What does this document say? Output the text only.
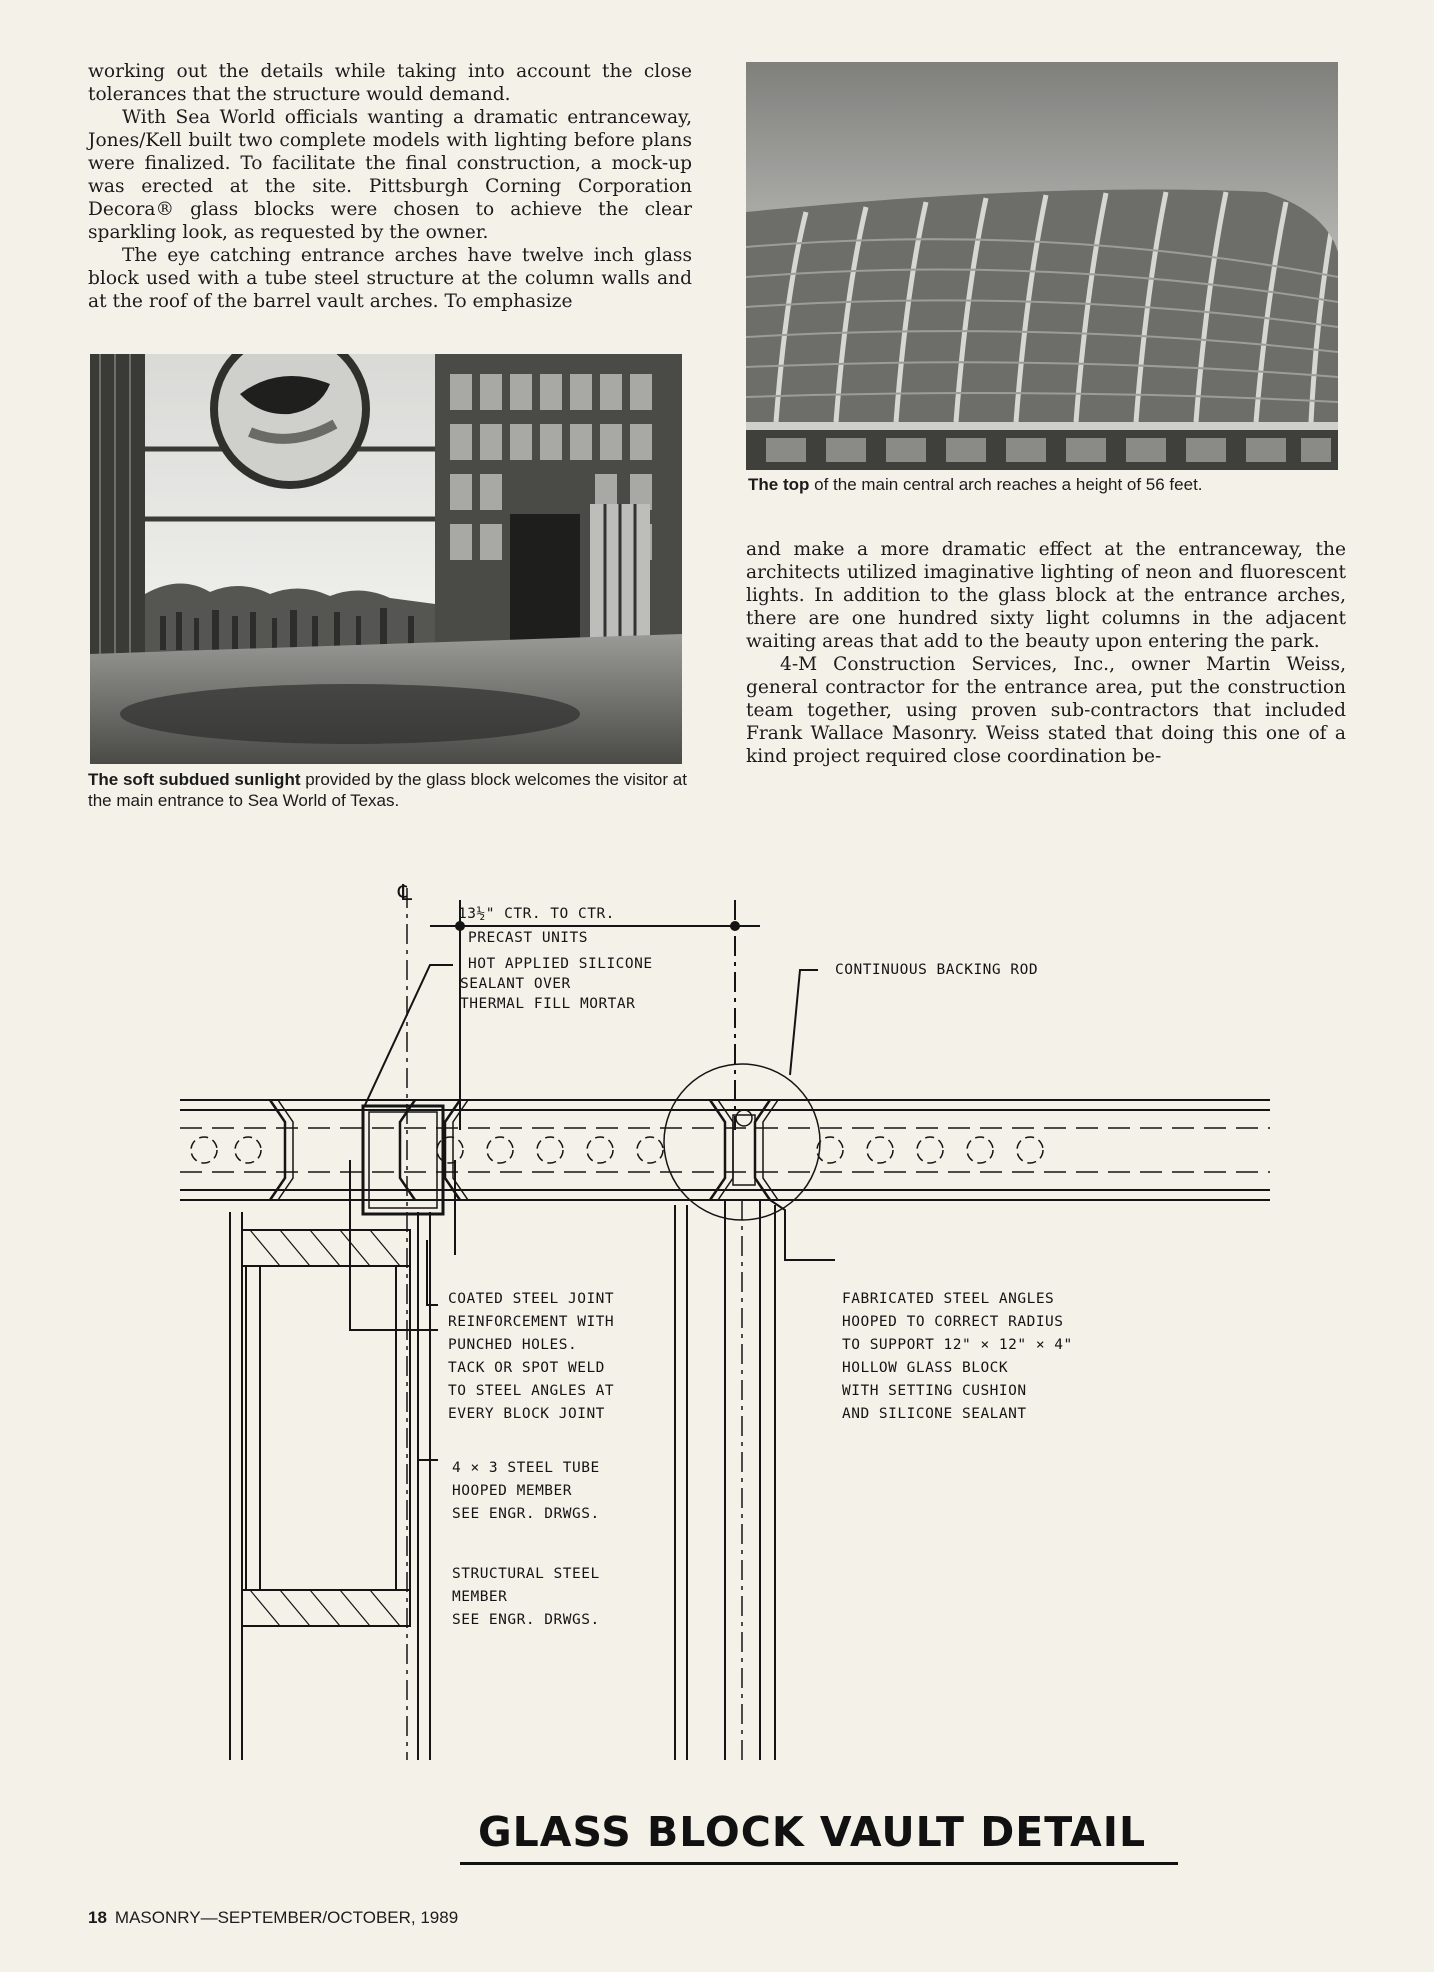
working out the details while taking into account the close tolerances that the structure would demand.

With Sea World officials wanting a dramatic entranceway, Jones/Kell built two complete models with lighting before plans were finalized. To facilitate the final construction, a mock-up was erected at the site. Pittsburgh Corning Corporation Decora® glass blocks were chosen to achieve the clear sparkling look, as requested by the owner.

The eye catching entrance arches have twelve inch glass block used with a tube steel structure at the column walls and at the roof of the barrel vault arches. To emphasize

The soft subdued sunlight provided by the glass block welcomes the visitor at the main entrance to Sea World of Texas.
The top of the main central arch reaches a height of 56 feet.

and make a more dramatic effect at the entranceway, the architects utilized imaginative lighting of neon and fluorescent lights. In addition to the glass block at the entrance arches, there are one hundred sixty light columns in the adjacent waiting areas that add to the beauty upon entering the park.

4-M Construction Services, Inc., owner Martin Weiss, general contractor for the entrance area, put the construction team together, using proven sub-contractors that included Frank Wallace Masonry. Weiss stated that doing this one of a kind project required close coordination be-

13½" CTR. TO CTR.
PRECAST UNITS
HOT APPLIED SILICONE
SEALANT OVER
THERMAL FILL MORTAR
CONTINUOUS BACKING ROD
COATED STEEL JOINT
REINFORCEMENT WITH
PUNCHED HOLES.
TACK OR SPOT WELD
TO STEEL ANGLES AT
EVERY BLOCK JOINT
4 × 3 STEEL TUBE
HOOPED MEMBER
SEE ENGR. DRWGS.
STRUCTURAL STEEL
MEMBER
SEE ENGR. DRWGS.
FABRICATED STEEL ANGLES
HOOPED TO CORRECT RADIUS
TO SUPPORT 12" × 12" × 4"
HOLLOW GLASS BLOCK
WITH SETTING CUSHION
AND SILICONE SEALANT
℄
GLASS BLOCK VAULT DETAIL
18 MASONRY—SEPTEMBER/OCTOBER, 1989
